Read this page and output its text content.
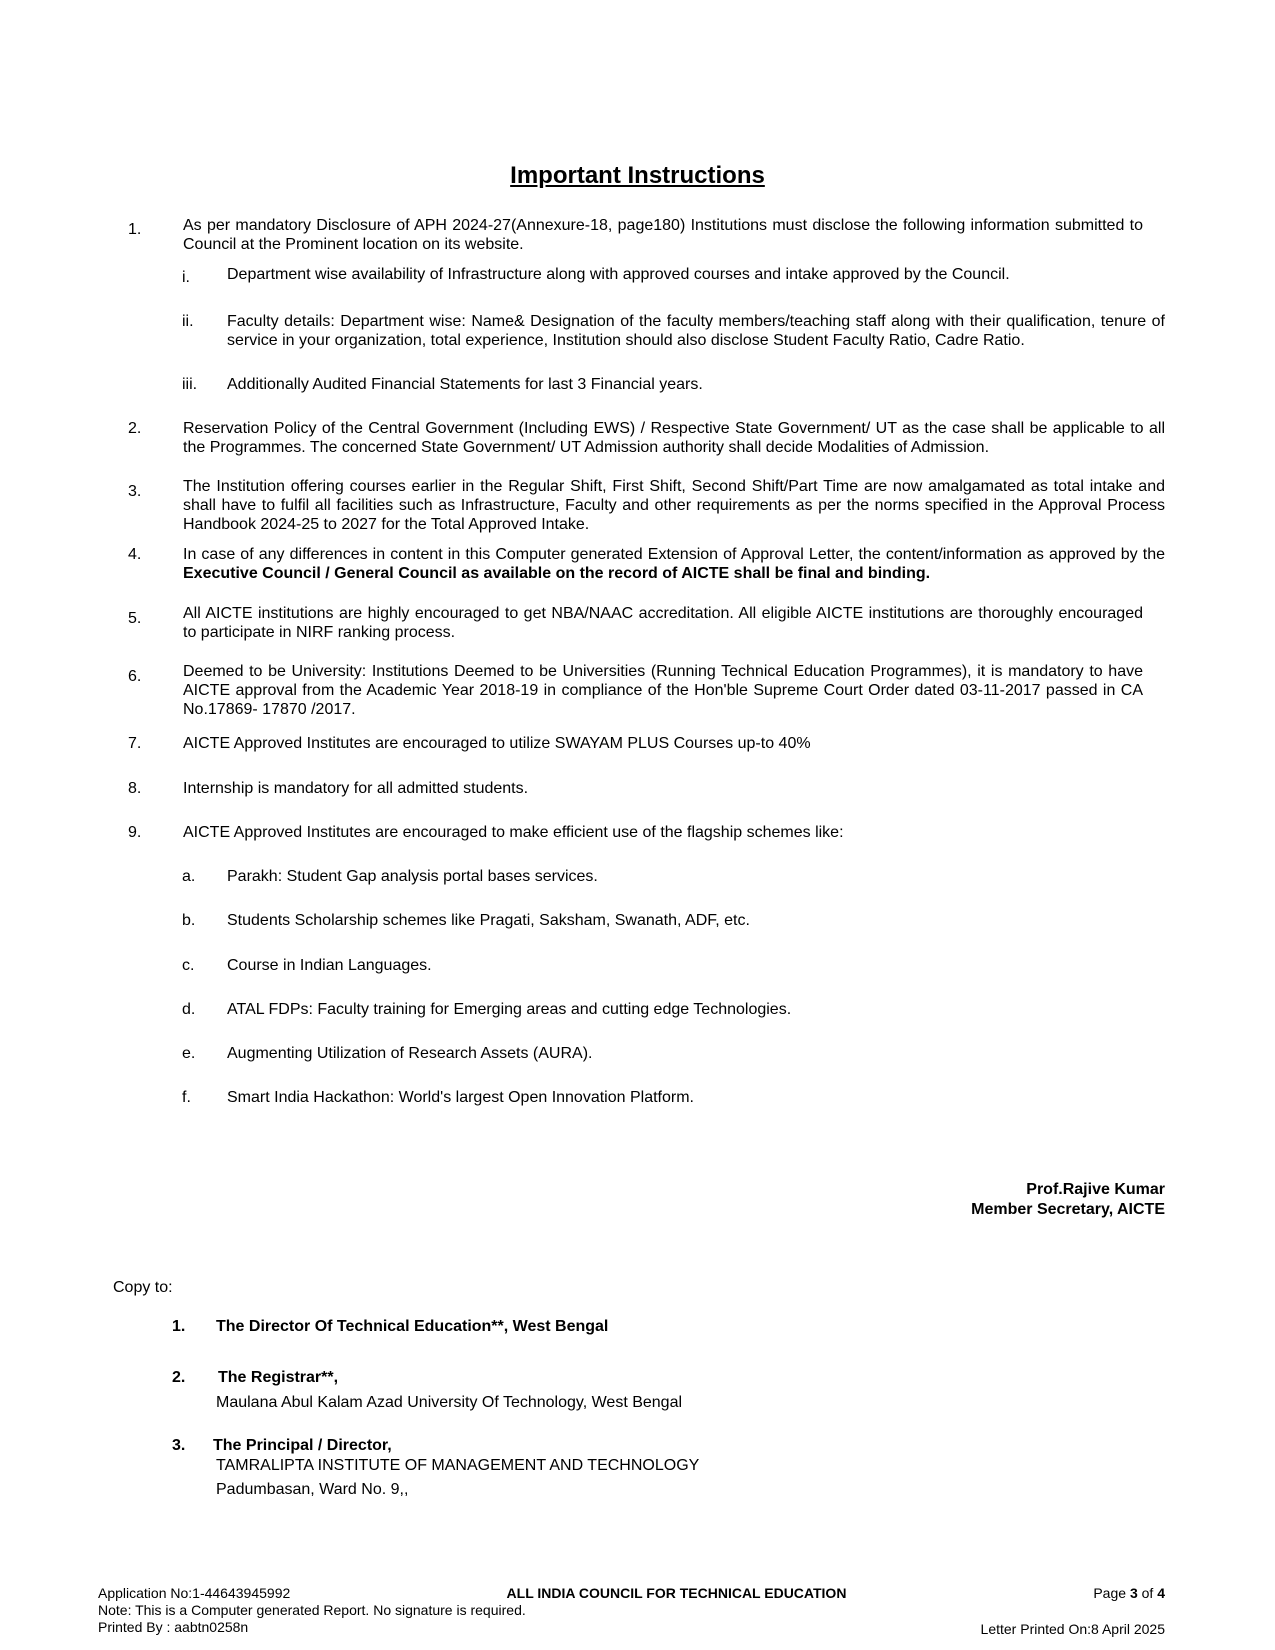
Important Instructions
1.	As per mandatory Disclosure of APH 2024-27(Annexure-18, page180) Institutions must disclose the following information submitted to Council at the Prominent location on its website.
i.	Department wise availability of Infrastructure along with approved courses and intake approved by the Council.
ii.	Faculty details: Department wise: Name& Designation of the faculty members/teaching staff along with their qualification, tenure of service in your organization, total experience, Institution should also disclose Student Faculty Ratio, Cadre Ratio.
iii.	Additionally Audited Financial Statements for last 3 Financial years.
2.	Reservation Policy of the Central Government (Including EWS) / Respective State Government/ UT as the case shall be applicable to all the Programmes. The concerned State Government/ UT Admission authority shall decide Modalities of Admission.
3.	The Institution offering courses earlier in the Regular Shift, First Shift, Second Shift/Part Time are now amalgamated as total intake and shall have to fulfil all facilities such as Infrastructure, Faculty and other requirements as per the norms specified in the Approval Process Handbook 2024-25 to 2027 for the Total Approved Intake.
4.	In case of any differences in content in this Computer generated Extension of Approval Letter, the content/information as approved by the Executive Council / General Council as available on the record of AICTE shall be final and binding.
5.	All AICTE institutions are highly encouraged to get NBA/NAAC accreditation. All eligible AICTE institutions are thoroughly encouraged to participate in NIRF ranking process.
6.	Deemed to be University: Institutions Deemed to be Universities (Running Technical Education Programmes), it is mandatory to have AICTE approval from the Academic Year 2018-19 in compliance of the Hon'ble Supreme Court Order dated 03-11-2017 passed in CA No.17869- 17870 /2017.
7.	AICTE Approved Institutes are encouraged to utilize SWAYAM PLUS Courses up-to 40%
8.	Internship is mandatory for all admitted students.
9.	AICTE Approved Institutes are encouraged to make efficient use of the flagship schemes like:
a.	Parakh: Student Gap analysis portal bases services.
b.	Students Scholarship schemes like Pragati, Saksham, Swanath, ADF, etc.
c.	Course in Indian Languages.
d.	ATAL FDPs: Faculty training for Emerging areas and cutting edge Technologies.
e.	Augmenting Utilization of Research Assets (AURA).
f.	Smart India Hackathon: World's largest Open Innovation Platform.
Prof.Rajive Kumar
Member Secretary, AICTE
Copy to:
1. The Director Of Technical Education**, West Bengal
2. The Registrar**,
Maulana Abul Kalam Azad University Of Technology, West Bengal
3. The Principal / Director,
TAMRALIPTA INSTITUTE OF MANAGEMENT AND TECHNOLOGY
Padumbasan, Ward No. 9,,
Application No:1-44643945992	ALL INDIA COUNCIL FOR TECHNICAL EDUCATION	Page 3 of 4
Note: This is a Computer generated Report. No signature is required.
Printed By : aabtn0258n	Letter Printed On:8 April 2025
